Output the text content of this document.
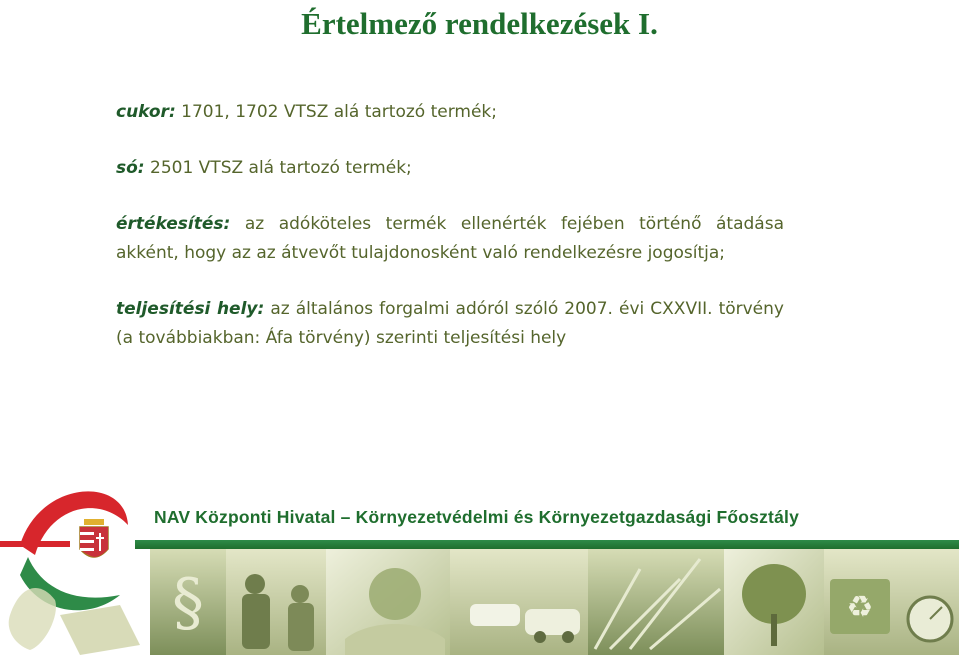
Értelmező rendelkezések I.

cukor: 1701, 1702 VTSZ alá tartozó termék;

só: 2501 VTSZ alá tartozó termék;

értékesítés: az adóköteles termék ellenérték fejében történő átadása akként, hogy az az átvevőt tulajdonosként való rendelkezésre jogosítja;

teljesítési hely: az általános forgalmi adóról szóló 2007. évi CXXVII. törvény (a továbbiakban: Áfa törvény) szerinti teljesítési hely

NAV Központi Hivatal – Környezetvédelmi és Környezetgazdasági Főosztály
§	♻
